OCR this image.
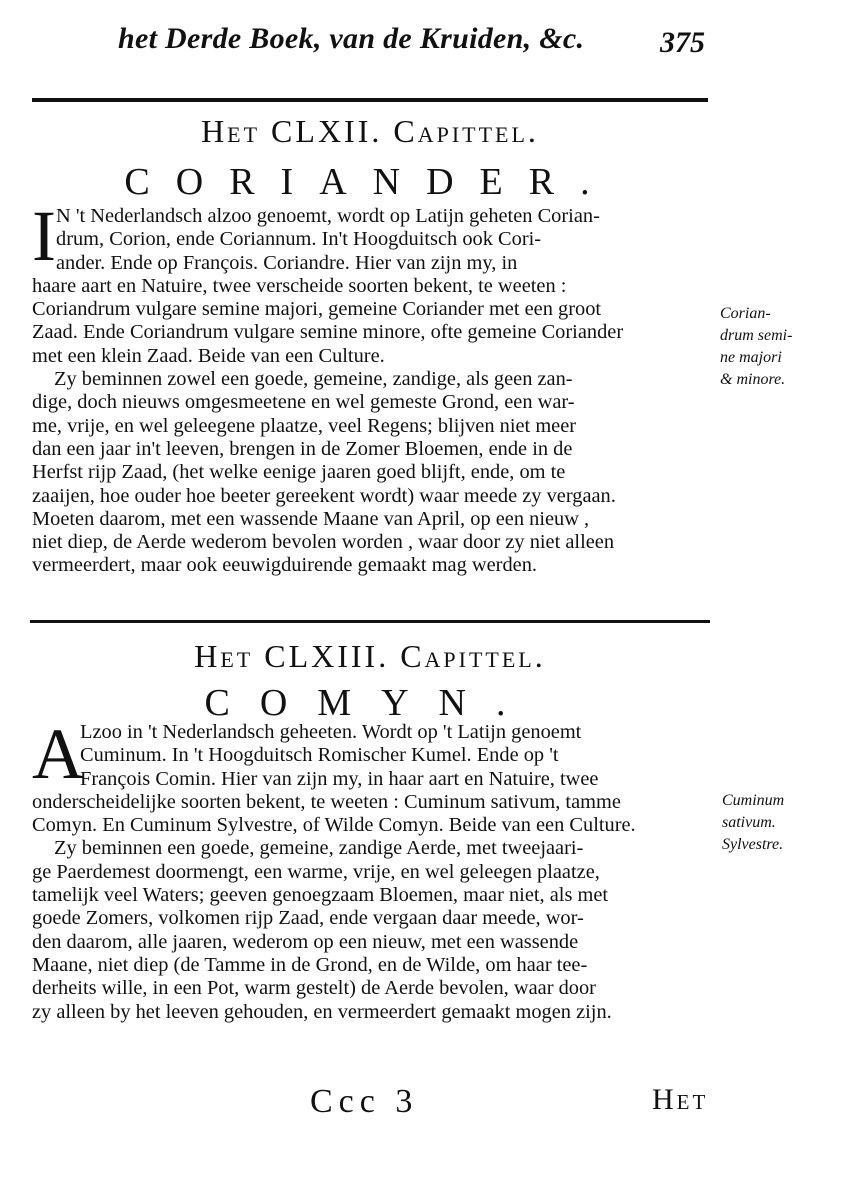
het Derde Boek, van de Kruiden, &c.	375
Het CLXII. Capittel.
CORIANDER.
I N 't Nederlandsch alzoo genoemt, wordt op Latijn geheten Corian-
drum, Corion, ende Coriannum. In't Hoogduitsch ook Cori-
ander. Ende op François. Coriandre. Hier van zijn my, in
haare aart en Natuire, twee verscheide soorten bekent, te weeten :
Coriandrum vulgare semine majori, gemeine Coriander met een groot
Zaad. Ende Coriandrum vulgare semine minore, ofte gemeine Coriander
met een klein Zaad. Beide van een Culture.
Zy beminnen zowel een goede, gemeine, zandige, als geen zan-
dige, doch nieuws omgesmeetene en wel gemeste Grond, een war-
me, vrije, en wel geleegene plaatze, veel Regens; blijven niet meer
dan een jaar in't leeven, brengen in de Zomer Bloemen, ende in de
Herfst rijp Zaad, (het welke eenige jaaren goed blijft, ende, om te
zaaijen, hoe ouder hoe beeter gereekent wordt) waar meede zy vergaan.
Moeten daarom, met een wassende Maane van April, op een nieuw ,
niet diep, de Aerde wederom bevolen worden , waar door zy niet alleen
vermeerdert, maar ook eeuwigduirende gemaakt mag werden.
Corian-
drum semi-
ne majori
& minore.
Het CLXIII. Capittel.
COMYN.
A
Lzoo in 't Nederlandsch geheeten. Wordt op 't Latijn genoemt
Cuminum. In 't Hoogduitsch Romischer Kumel. Ende op 't
François Comin. Hier van zijn my, in haar aart en Natuire, twee
onderscheidelijke soorten bekent, te weeten : Cuminum sativum, tamme
Comyn. En Cuminum Sylvestre, of Wilde Comyn. Beide van een Culture.
Zy beminnen een goede, gemeine, zandige Aerde, met tweejaari-
ge Paerdemest doormengt, een warme, vrije, en wel geleegen plaatze,
tamelijk veel Waters; geeven genoegzaam Bloemen, maar niet, als met
goede Zomers, volkomen rijp Zaad, ende vergaan daar meede, wor-
den daarom, alle jaaren, wederom op een nieuw, met een wassende
Maane, niet diep (de Tamme in de Grond, en de Wilde, om haar tee-
derheits wille, in een Pot, warm gestelt) de Aerde bevolen, waar door
zy alleen by het leeven gehouden, en vermeerdert gemaakt mogen zijn.
Cuminum
sativum.
Sylvestre.
Ccc 3	Het
